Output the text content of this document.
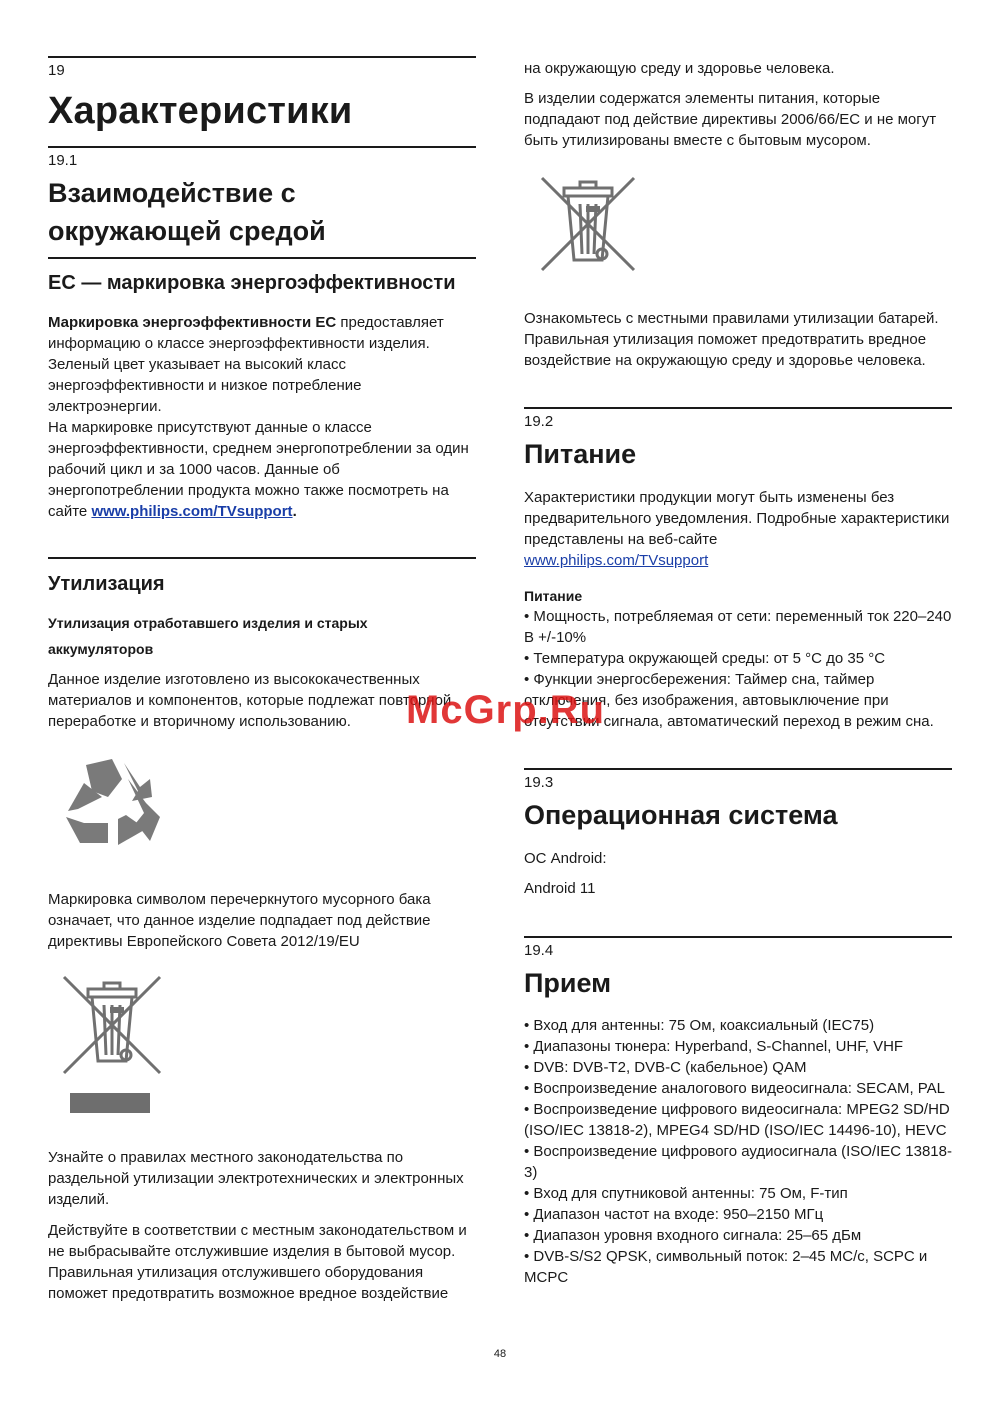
19
Характеристики
19.1
Взаимодействие с окружающей средой
ЕС — маркировка энергоэффективности

Маркировка энергоэффективности ЕС предоставляет информацию о классе энергоэффективности изделия. Зеленый цвет указывает на высокий класс энергоэффективности и низкое потребление электроэнергии.

На маркировке присутствуют данные о классе энергоэффективности, среднем энергопотреблении за один рабочий цикл и за 1000 часов. Данные об энергопотреблении продукта можно также посмотреть на сайте www.philips.com/TVsupport.

Утилизация
Утилизация отработавшего изделия и старых аккумуляторов

Данное изделие изготовлено из высококачественных материалов и компонентов, которые подлежат повторной переработке и вторичному использованию.

Маркировка символом перечеркнутого мусорного бака означает, что данное изделие подпадает под действие директивы Европейского Совета 2012/19/EU

Узнайте о правилах местного законодательства по раздельной утилизации электротехнических и электронных изделий.

Действуйте в соответствии с местным законодательством и не выбрасывайте отслужившие изделия в бытовой мусор. Правильная утилизация отслужившего оборудования поможет предотвратить возможное вредное воздействие

на окружающую среду и здоровье человека.

В изделии содержатся элементы питания, которые подпадают под действие директивы 2006/66/EC и не могут быть утилизированы вместе с бытовым мусором.

Ознакомьтесь с местными правилами утилизации батарей. Правильная утилизация поможет предотвратить вредное воздействие на окружающую среду и здоровье человека.

19.2
Питание

Характеристики продукции могут быть изменены без предварительного уведомления. Подробные характеристики представлены на веб-сайте
www.philips.com/TVsupport

Питание
• Мощность, потребляемая от сети: переменный ток 220–240 В +/-10%
• Температура окружающей среды: от 5 °C до 35 °C
• Функции энергосбережения: Таймер сна, таймер отключения, без изображения, автовыключение при отсутствии сигнала, автоматический переход в режим сна.
19.3
Операционная система

ОС Android:

Android 11

19.4
Прием
• Вход для антенны: 75 Ом, коаксиальный (IEC75)
• Диапазоны тюнера: Hyperband, S-Channel, UHF, VHF
• DVB: DVB-T2, DVB-C (кабельное) QAM
• Воспроизведение аналогового видеосигнала: SECAM, PAL
• Воспроизведение цифрового видеосигнала: MPEG2 SD/HD (ISO/IEC 13818-2), MPEG4 SD/HD (ISO/IEC 14496-10), HEVC
• Воспроизведение цифрового аудиосигнала (ISO/IEC 13818-3)
• Вход для спутниковой антенны: 75 Ом, F-тип
• Диапазон частот на входе: 950–2150 МГц
• Диапазон уровня входного сигнала: 25–65 дБм
• DVB-S/S2 QPSK, символьный поток: 2–45 МС/с, SCPC и MCPC
McGrp.Ru
48
